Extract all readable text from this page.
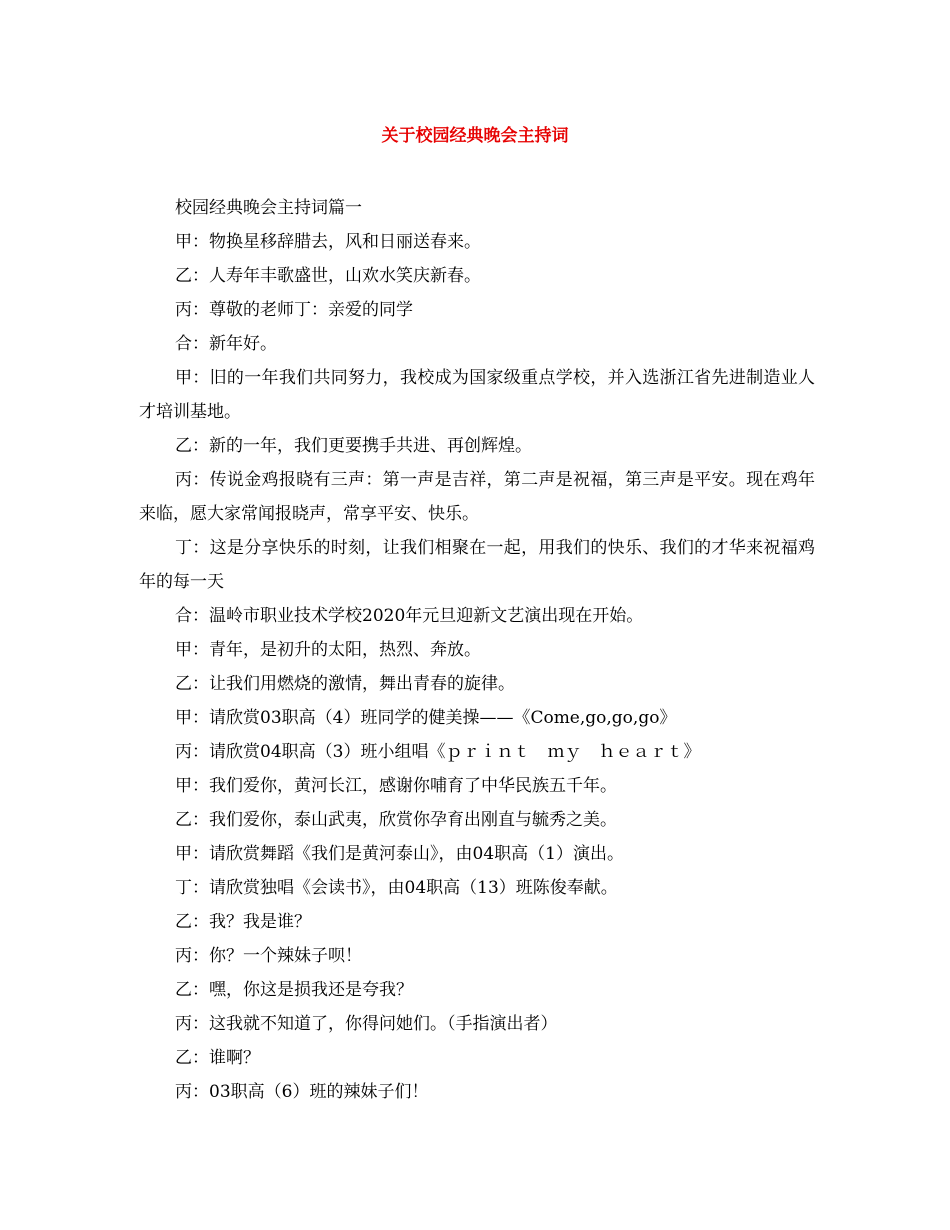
关于校园经典晚会主持词

校园经典晚会主持词篇一

甲：物换星移辞腊去，风和日丽送春来。

乙：人寿年丰歌盛世，山欢水笑庆新春。

丙：尊敬的老师丁：亲爱的同学

合：新年好。

甲：旧的一年我们共同努力，我校成为国家级重点学校，并入选浙江省先进制造业人才培训基地。

乙：新的一年，我们更要携手共进、再创辉煌。

丙：传说金鸡报晓有三声：第一声是吉祥，第二声是祝福，第三声是平安。现在鸡年来临，愿大家常闻报晓声，常享平安、快乐。

丁：这是分享快乐的时刻，让我们相聚在一起，用我们的快乐、我们的才华来祝福鸡年的每一天

合：温岭市职业技术学校2020年元旦迎新文艺演出现在开始。

甲：青年，是初升的太阳，热烈、奔放。

乙：让我们用燃烧的激情，舞出青春的旋律。

甲：请欣赏03职高（4）班同学的健美操——《Come,go,go,go》

丙：请欣赏04职高（3）班小组唱《ｐｒｉｎｔ　ｍｙ　ｈｅａｒｔ》

甲：我们爱你，黄河长江，感谢你哺育了中华民族五千年。

乙：我们爱你，泰山武夷，欣赏你孕育出刚直与毓秀之美。

甲：请欣赏舞蹈《我们是黄河泰山》，由04职高（1）演出。

丁：请欣赏独唱《会读书》，由04职高（13）班陈俊奉献。

乙：我？我是谁？

丙：你？一个辣妹子呗！

乙：嘿，你这是损我还是夸我？

丙：这我就不知道了，你得问她们。（手指演出者）

乙：谁啊？

丙：03职高（6）班的辣妹子们！
